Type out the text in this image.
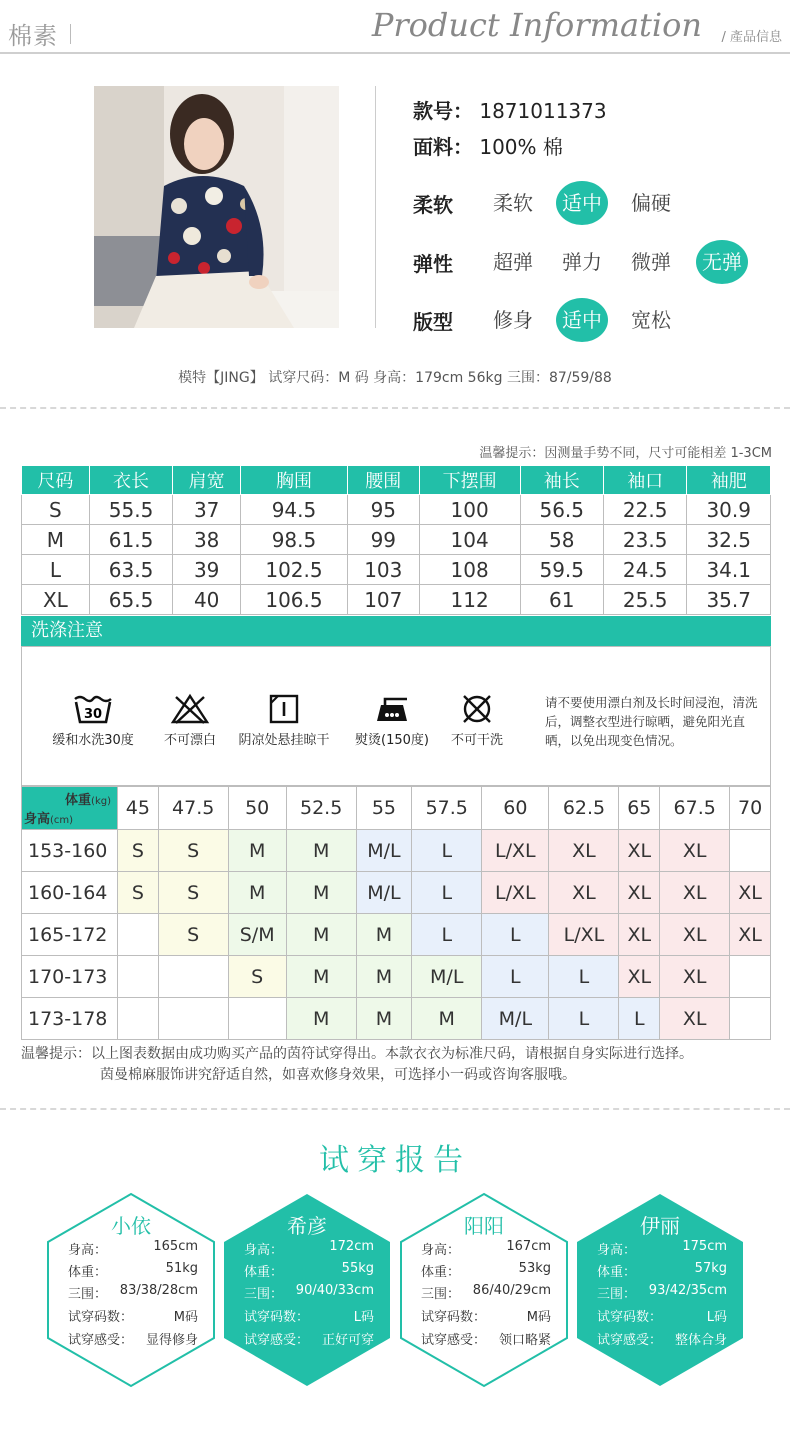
棉素	Product Information / 產品信息
款号： 1871011373
面料： 100% 棉
柔软	柔软	适中	偏硬
弹性	超弹	弹力	微弹	无弹
版型	修身	适中	宽松
模特【JING】 试穿尺码：M 码 身高：179cm 56kg 三围：87/59/88
温馨提示：因测量手势不同，尺寸可能相差 1-3CM
尺码	衣长	肩宽	胸围	腰围	下摆围	袖长	袖口	袖肥
S	55.5	37	94.5	95	100	56.5	22.5	30.9
M	61.5	38	98.5	99	104	58	23.5	32.5
L	63.5	39	102.5	103	108	59.5	24.5	34.1
XL	65.5	40	106.5	107	112	61	25.5	35.7
洗涤注意
30
缓和水洗30度	不可漂白	阴凉处悬挂晾干	熨烫(150度)	不可干洗
请不要使用漂白剂及长时间浸泡，清洗后，调整衣型进行晾晒，避免阳光直晒，以免出现变色情况。
体重(kg)
身高(cm)	45	47.5	50	52.5	55	57.5	60	62.5	65	67.5	70
153-160	S	S	M	M	M/L	L	L/XL	XL	XL	XL	
160-164	S	S	M	M	M/L	L	L/XL	XL	XL	XL	XL
165-172		S	S/M	M	M	L	L	L/XL	XL	XL	XL
170-173			S	M	M	M/L	L	L	XL	XL	
173-178				M	M	M	M/L	L	L	XL	
温馨提示：以上图表数据由成功购买产品的茵符试穿得出。本款衣衣为标准尺码，请根据自身实际进行选择。
茵曼棉麻服饰讲究舒适自然，如喜欢修身效果，可选择小一码或咨询客服哦。
试穿报告
小依
身高：	165cm
体重：	51kg
三围： 83/38/28cm
试穿码数：	M码
试穿感受： 显得修身
希彦
身高：	172cm
体重：	55kg
三围： 90/40/33cm
试穿码数：	L码
试穿感受： 正好可穿
阳阳
身高：	167cm
体重：	53kg
三围： 86/40/29cm
试穿码数：	M码
试穿感受： 领口略紧
伊丽
身高：	175cm
体重：	57kg
三围： 93/42/35cm
试穿码数：	L码
试穿感受： 整体合身
